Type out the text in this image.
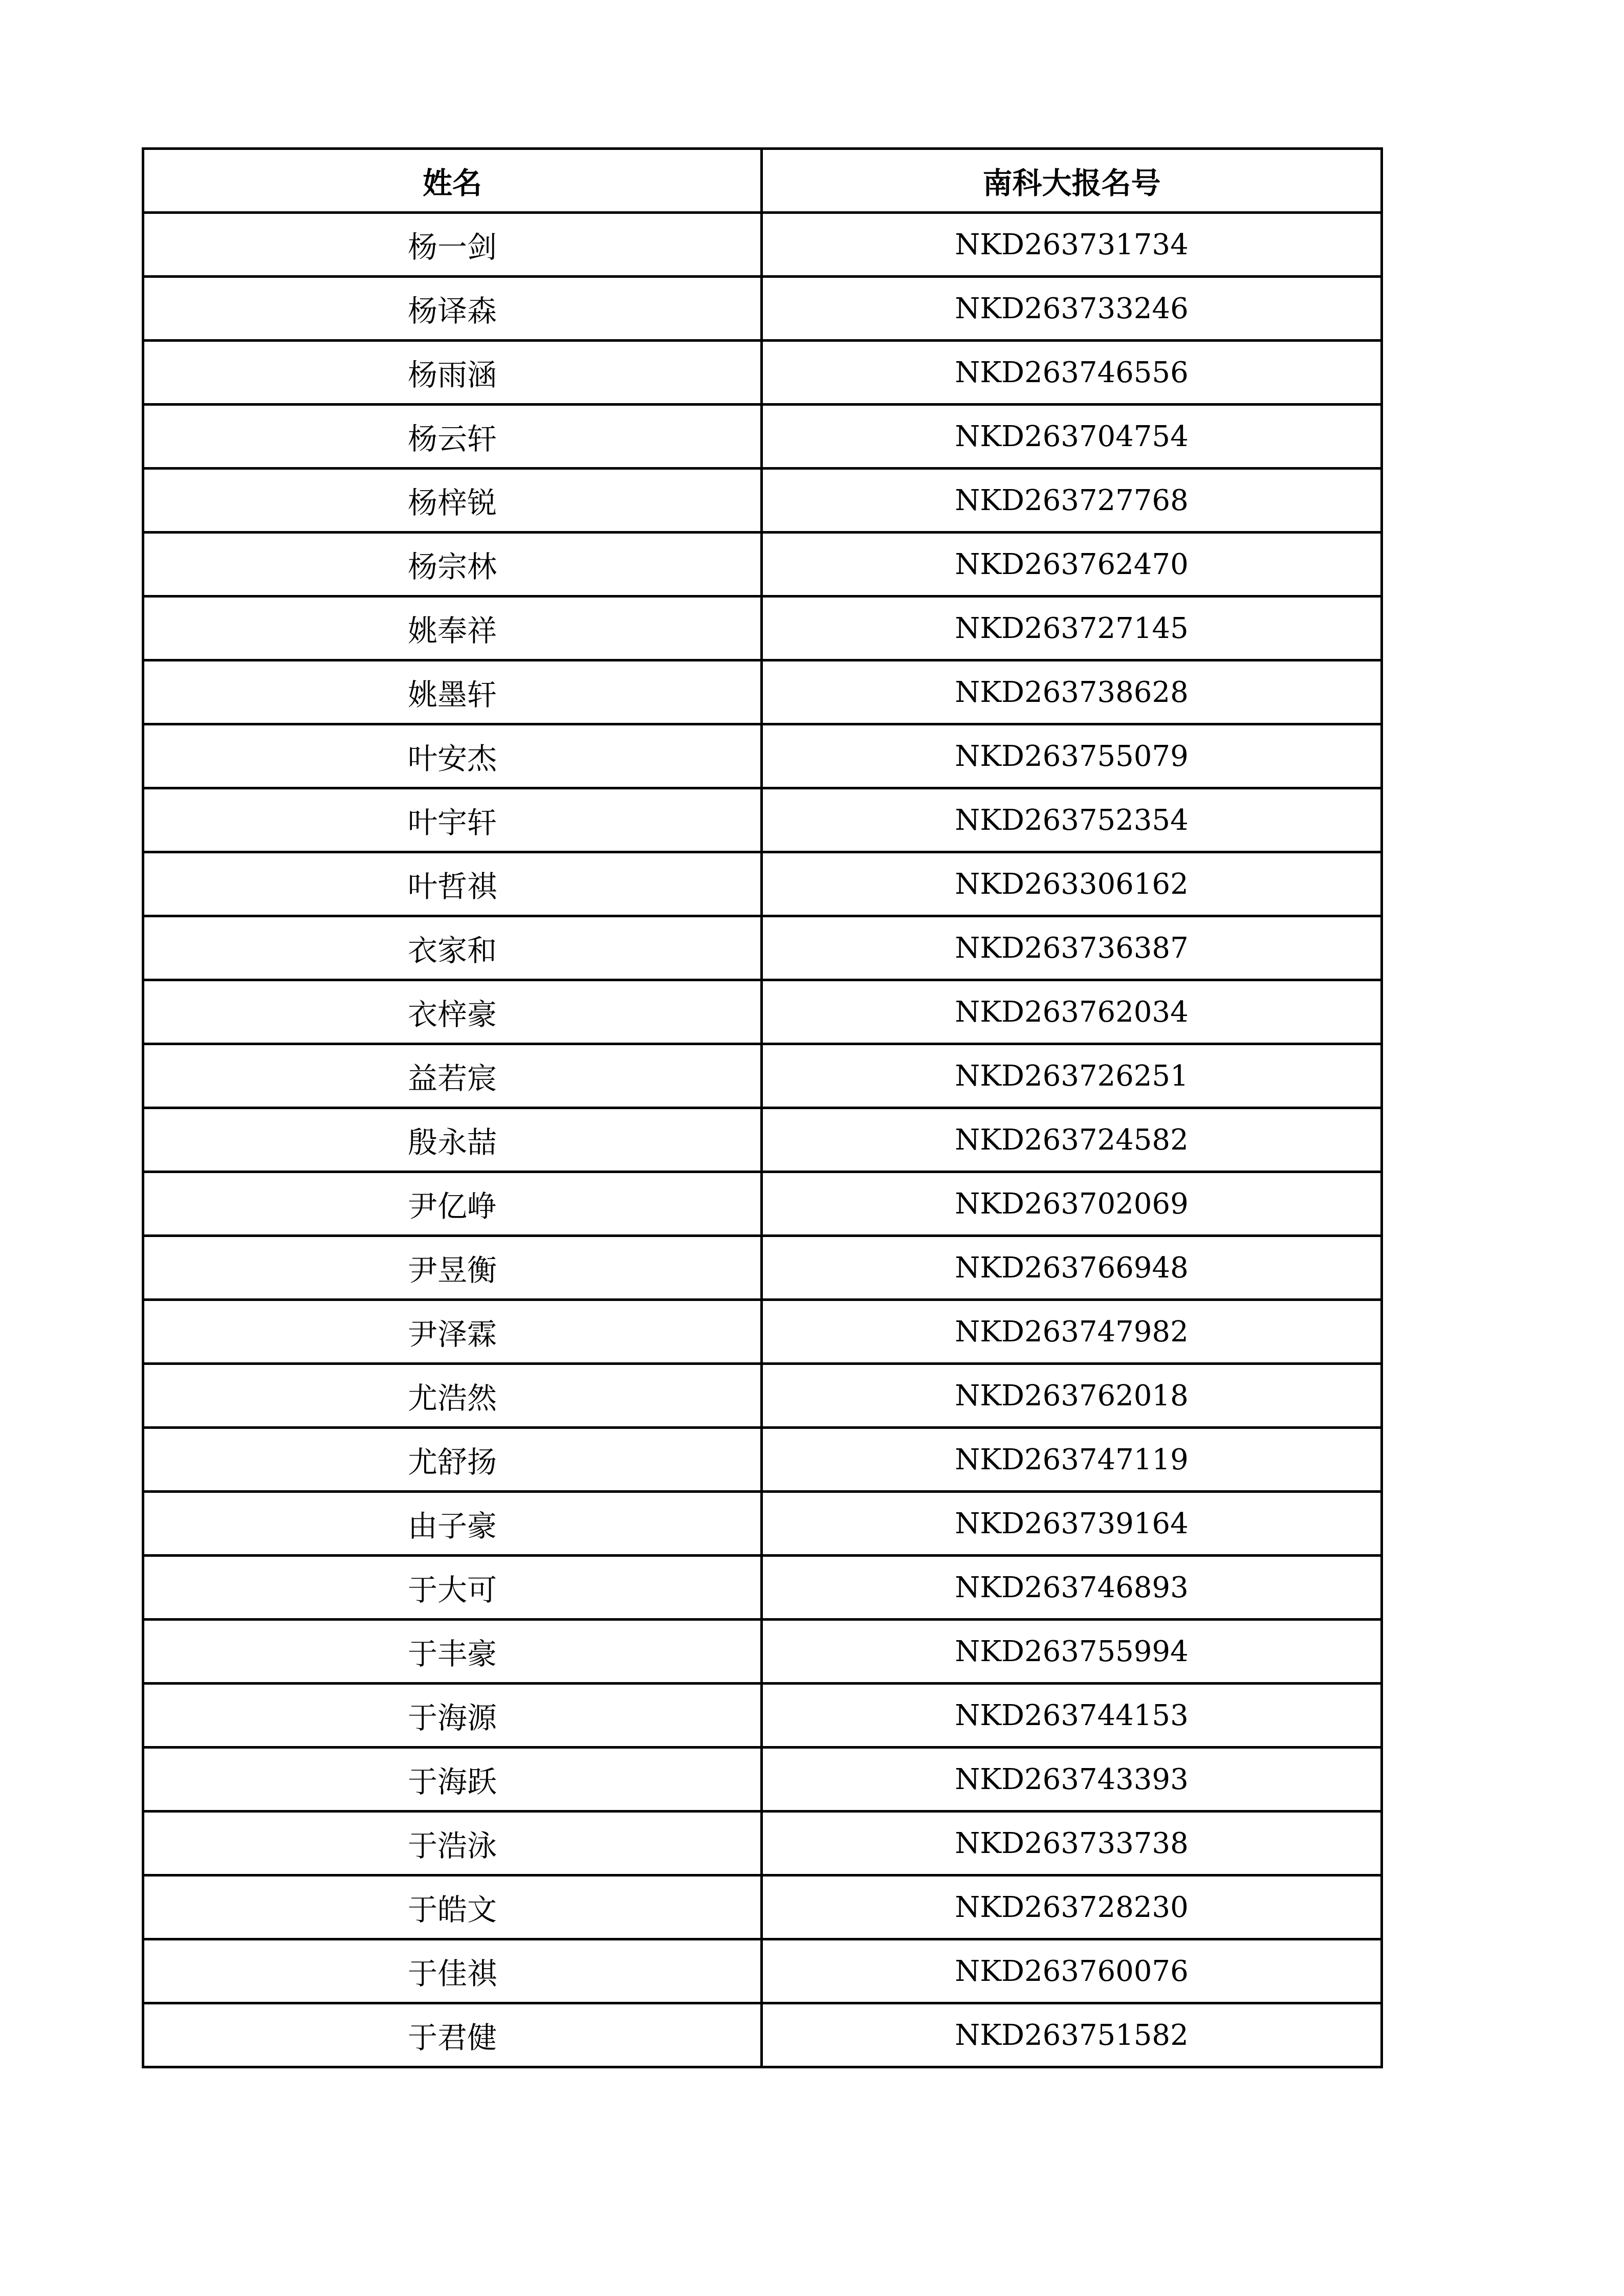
姓名	南科大报名号
杨一剑	NKD263731734
杨译森	NKD263733246
杨雨涵	NKD263746556
杨云轩	NKD263704754
杨梓锐	NKD263727768
杨宗林	NKD263762470
姚奉祥	NKD263727145
姚墨轩	NKD263738628
叶安杰	NKD263755079
叶宇轩	NKD263752354
叶哲祺	NKD263306162
衣家和	NKD263736387
衣梓豪	NKD263762034
益若宸	NKD263726251
殷永喆	NKD263724582
尹亿峥	NKD263702069
尹昱衡	NKD263766948
尹泽霖	NKD263747982
尤浩然	NKD263762018
尤舒扬	NKD263747119
由子豪	NKD263739164
于大可	NKD263746893
于丰豪	NKD263755994
于海源	NKD263744153
于海跃	NKD263743393
于浩泳	NKD263733738
于皓文	NKD263728230
于佳祺	NKD263760076
于君健	NKD263751582
